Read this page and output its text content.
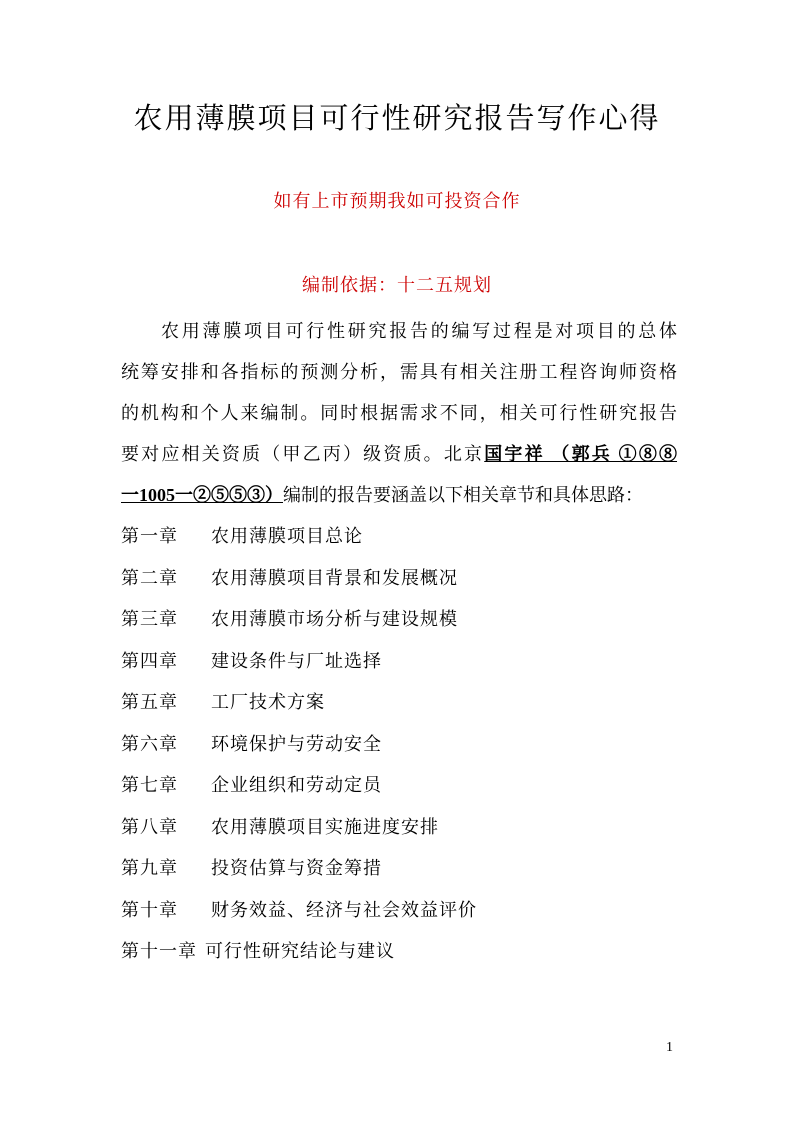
农用薄膜项目可行性研究报告写作心得
如有上市预期我如可投资合作
编制依据：十二五规划
农用薄膜项目可行性研究报告的编写过程是对项目的总体
统筹安排和各指标的预测分析，需具有相关注册工程咨询师资格
的机构和个人来编制。同时根据需求不同，相关可行性研究报告
要对应相关资质（甲乙丙）级资质。北京国宇祥 （郭兵 ①⑧⑧
一1005一②⑤⑤③）编制的报告要涵盖以下相关章节和具体思路：
第一章 农用薄膜项目总论
第二章 农用薄膜项目背景和发展概况
第三章 农用薄膜市场分析与建设规模
第四章 建设条件与厂址选择
第五章 工厂技术方案
第六章 环境保护与劳动安全
第七章 企业组织和劳动定员
第八章 农用薄膜项目实施进度安排
第九章 投资估算与资金筹措
第十章 财务效益、经济与社会效益评价
第十一章 可行性研究结论与建议
1
